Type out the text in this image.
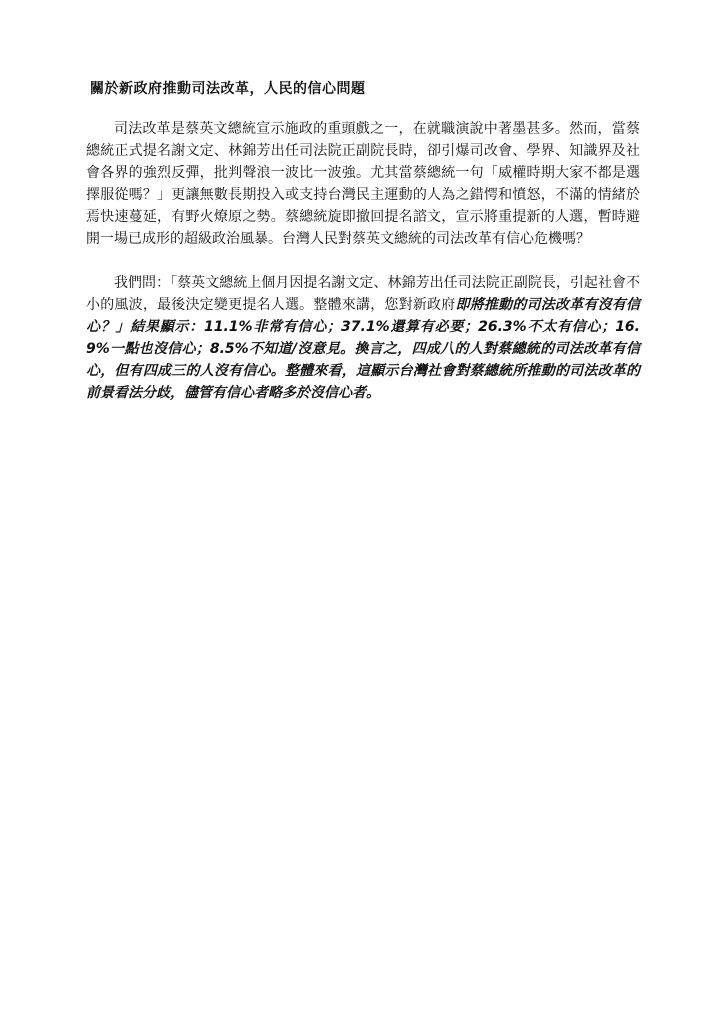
關於新政府推動司法改革，人民的信心問題

司法改革是蔡英文總統宣示施政的重頭戲之一，在就職演說中著墨甚多。然而，當蔡總統正式提名謝文定、林錦芳出任司法院正副院長時，卻引爆司改會、學界、知識界及社會各界的強烈反彈，批判聲浪一波比一波強。尤其當蔡總統一句「威權時期大家不都是選擇服從嗎？」更讓無數長期投入或支持台灣民主運動的人為之錯愕和憤怒，不滿的情緒於焉快速蔓延，有野火燎原之勢。蔡總統旋即撤回提名諮文，宣示將重提新的人選，暫時避開一場已成形的超級政治風暴。台灣人民對蔡英文總統的司法改革有信心危機嗎？

我們問：「蔡英文總統上個月因提名謝文定、林錦芳出任司法院正副院長，引起社會不小的風波，最後決定變更提名人選。整體來講，您對新政府即將推動的司法改革有沒有信心？」結果顯示：11.1%非常有信心；37.1%還算有必要；26.3%不太有信心；16.9%一點也沒信心；8.5%不知道/沒意見。換言之，四成八的人對蔡總統的司法改革有信心，但有四成三的人沒有信心。整體來看，這顯示台灣社會對蔡總統所推動的司法改革的前景看法分歧，儘管有信心者略多於沒信心者。
